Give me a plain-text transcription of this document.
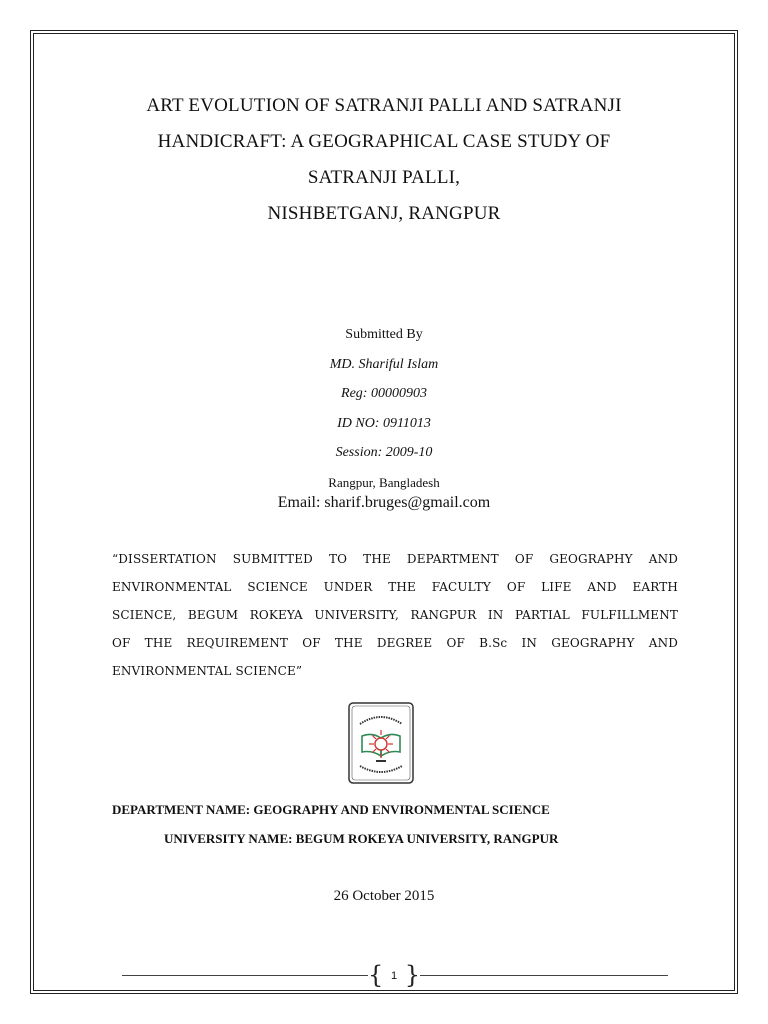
ART EVOLUTION OF SATRANJI PALLI AND SATRANJI
HANDICRAFT: A GEOGRAPHICAL CASE STUDY OF
SATRANJI PALLI,
NISHBETGANJ, RANGPUR
Submitted By
MD. Shariful Islam
Reg: 00000903
ID NO: 0911013
Session: 2009-10
Rangpur, Bangladesh
Email: sharif.bruges@gmail.com
“DISSERTATION SUBMITTED TO THE DEPARTMENT OF GEOGRAPHY AND
ENVIRONMENTAL SCIENCE UNDER THE FACULTY OF LIFE AND EARTH
SCIENCE, BEGUM ROKEYA UNIVERSITY, RANGPUR IN PARTIAL FULFILLMENT
OF THE REQUIREMENT OF THE DEGREE OF B.Sc IN GEOGRAPHY AND
ENVIRONMENTAL SCIENCE”
DEPARTMENT NAME: GEOGRAPHY AND ENVIRONMENTAL SCIENCE
UNIVERSITY NAME: BEGUM ROKEYA UNIVERSITY, RANGPUR
26 October 2015
{ 1 }
